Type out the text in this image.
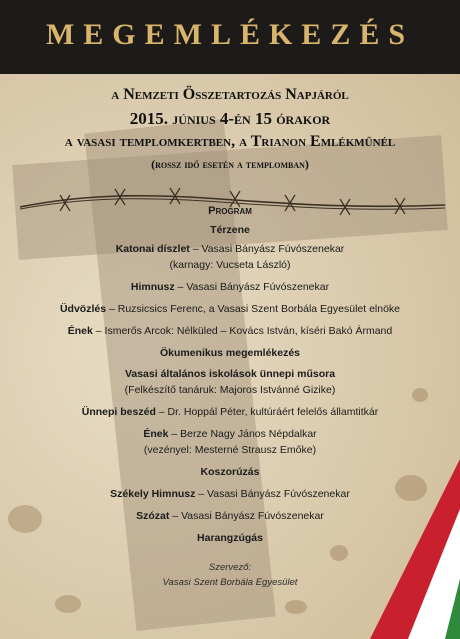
MEGEMLÉKEZÉS
a Nemzeti Összetartozás Napjáról
2015. június 4-én 15 órakor
a vasasi templomkertben, a Trianon Emlékműnél
(rossz idő esetén a templomban)
Program
Térzene
Katonai díszlet – Vasasi Bányász Fúvószenekar
(karnagy: Vucseta László)
Himnusz – Vasasi Bányász Fúvószenekar
Üdvözlés – Ruzsicsics Ferenc, a Vasasi Szent Borbála Egyesület elnöke
Ének – Ismerős Arcok: Nélküled – Kovács István, kíséri Bakó Ármand
Ökumenikus megemlékezés
Vasasi általános iskolások ünnepi műsora
(Felkészítő tanáruk: Majoros Istvánné Gizike)
Ünnepi beszéd – Dr. Hoppál Péter, kultúráért felelős államtitkár
Ének – Berze Nagy János Népdalkar
(vezényel: Mesterné Strausz Emőke)
Koszorúzás
Székely Himnusz – Vasasi Bányász Fúvószenekar
Szózat – Vasasi Bányász Fúvószenekar
Harangzúgás
Szervező:
Vasasi Szent Borbála Egyesület
